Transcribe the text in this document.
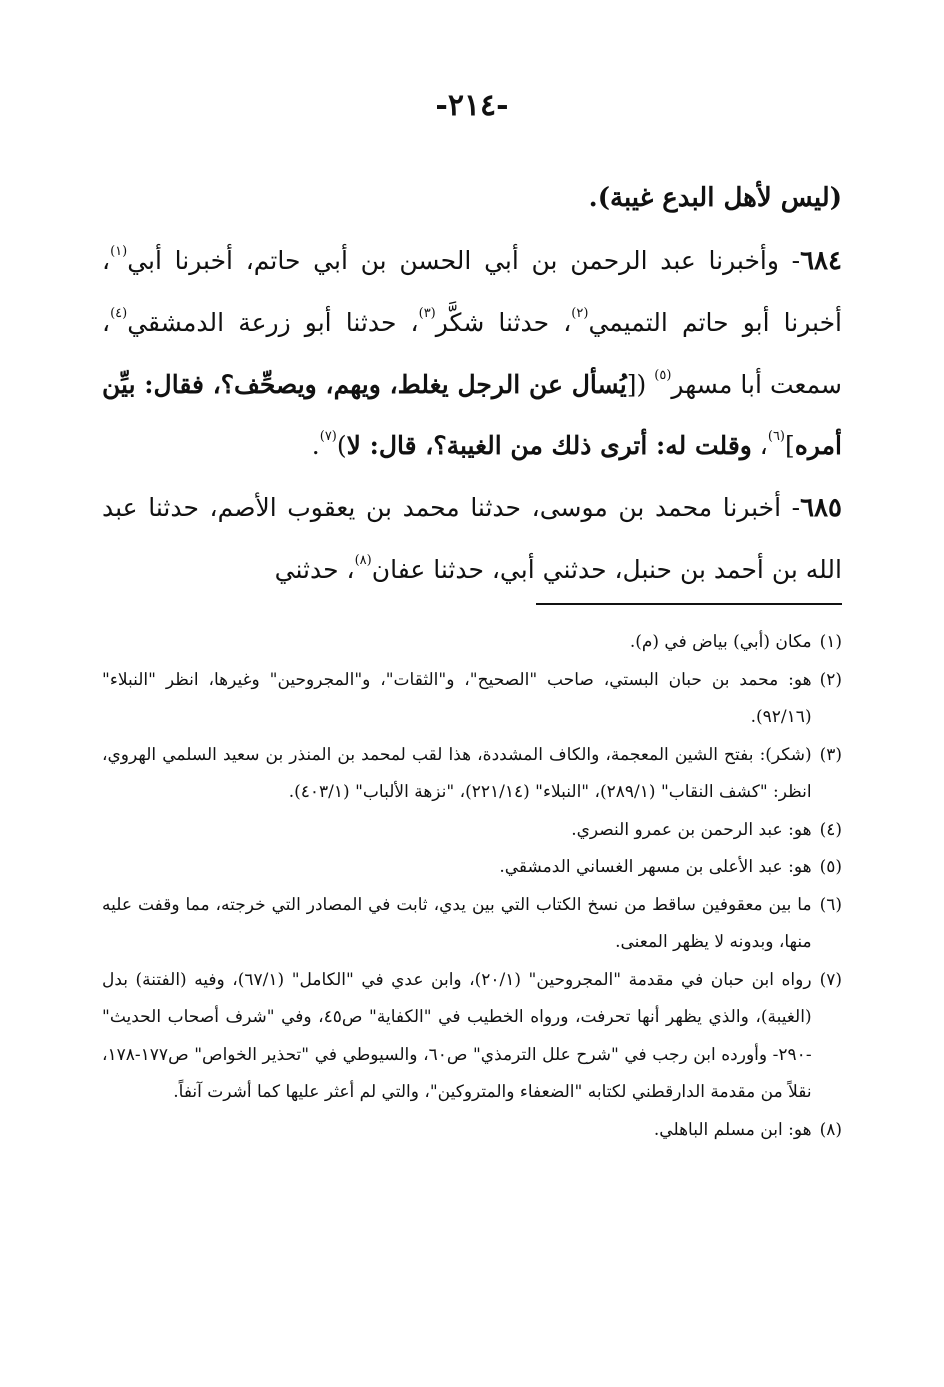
-٢١٤-

(ليس لأهل البدع غيبة).

٦٨٤- وأخبرنا عبد الرحمن بن أبي الحسن بن أبي حاتم، أخبرنا أبي$^{(١)}$، أخبرنا أبو حاتم التميمي$^{(٢)}$، حدثنا شكَّر$^{(٣)}$، حدثنا أبو زرعة الدمشقي$^{(٤)}$، سمعت أبا مسهر$^{(٥)}$ ([يُسأل عن الرجل يغلط، ويهم، ويصحِّف؟، فقال: بيِّن أمره]$^{(٦)}$، وقلت له: أترى ذلك من الغيبة؟، قال: لا)$^{(٧)}$.

٦٨٥- أخبرنا محمد بن موسى، حدثنا محمد بن يعقوب الأصم، حدثنا عبد الله بن أحمد بن حنبل، حدثني أبي، حدثنا عفان$^{(٨)}$، حدثني

(١)
مكان (أبي) بياض في (م).
(٢)
هو: محمد بن حبان البستي، صاحب "الصحيح"، و"الثقات"، و"المجروحين" وغيرها، انظر "النبلاء" (٩٢/١٦).
(٣)
(شكر): بفتح الشين المعجمة، والكاف المشددة، هذا لقب لمحمد بن المنذر بن سعيد السلمي الهروي، انظر: "كشف النقاب" (٢٨٩/١)، "النبلاء" (٢٢١/١٤)، "نزهة الألباب" (٤٠٣/١).
(٤)
هو: عبد الرحمن بن عمرو النصري.
(٥)
هو: عبد الأعلى بن مسهر الغساني الدمشقي.
(٦)
ما بين معقوفين ساقط من نسخ الكتاب التي بين يدي، ثابت في المصادر التي خرجته، مما وقفت عليه منها، وبدونه لا يظهر المعنى.
(٧)
رواه ابن حبان في مقدمة "المجروحين" (٢٠/١)، وابن عدي في "الكامل" (٦٧/١)، وفيه (الفتنة) بدل (الغيبة)، والذي يظهر أنها تحرفت، ورواه الخطيب في "الكفاية" ص٤٥، وفي "شرف أصحاب الحديث" -٢٩٠- وأورده ابن رجب في "شرح علل الترمذي" ص٦٠، والسيوطي في "تحذير الخواص" ص١٧٧-١٧٨، نقلاً من مقدمة الدارقطني لكتابه "الضعفاء والمتروكين"، والتي لم أعثر عليها كما أشرت آنفاً.
(٨)
هو: ابن مسلم الباهلي.
